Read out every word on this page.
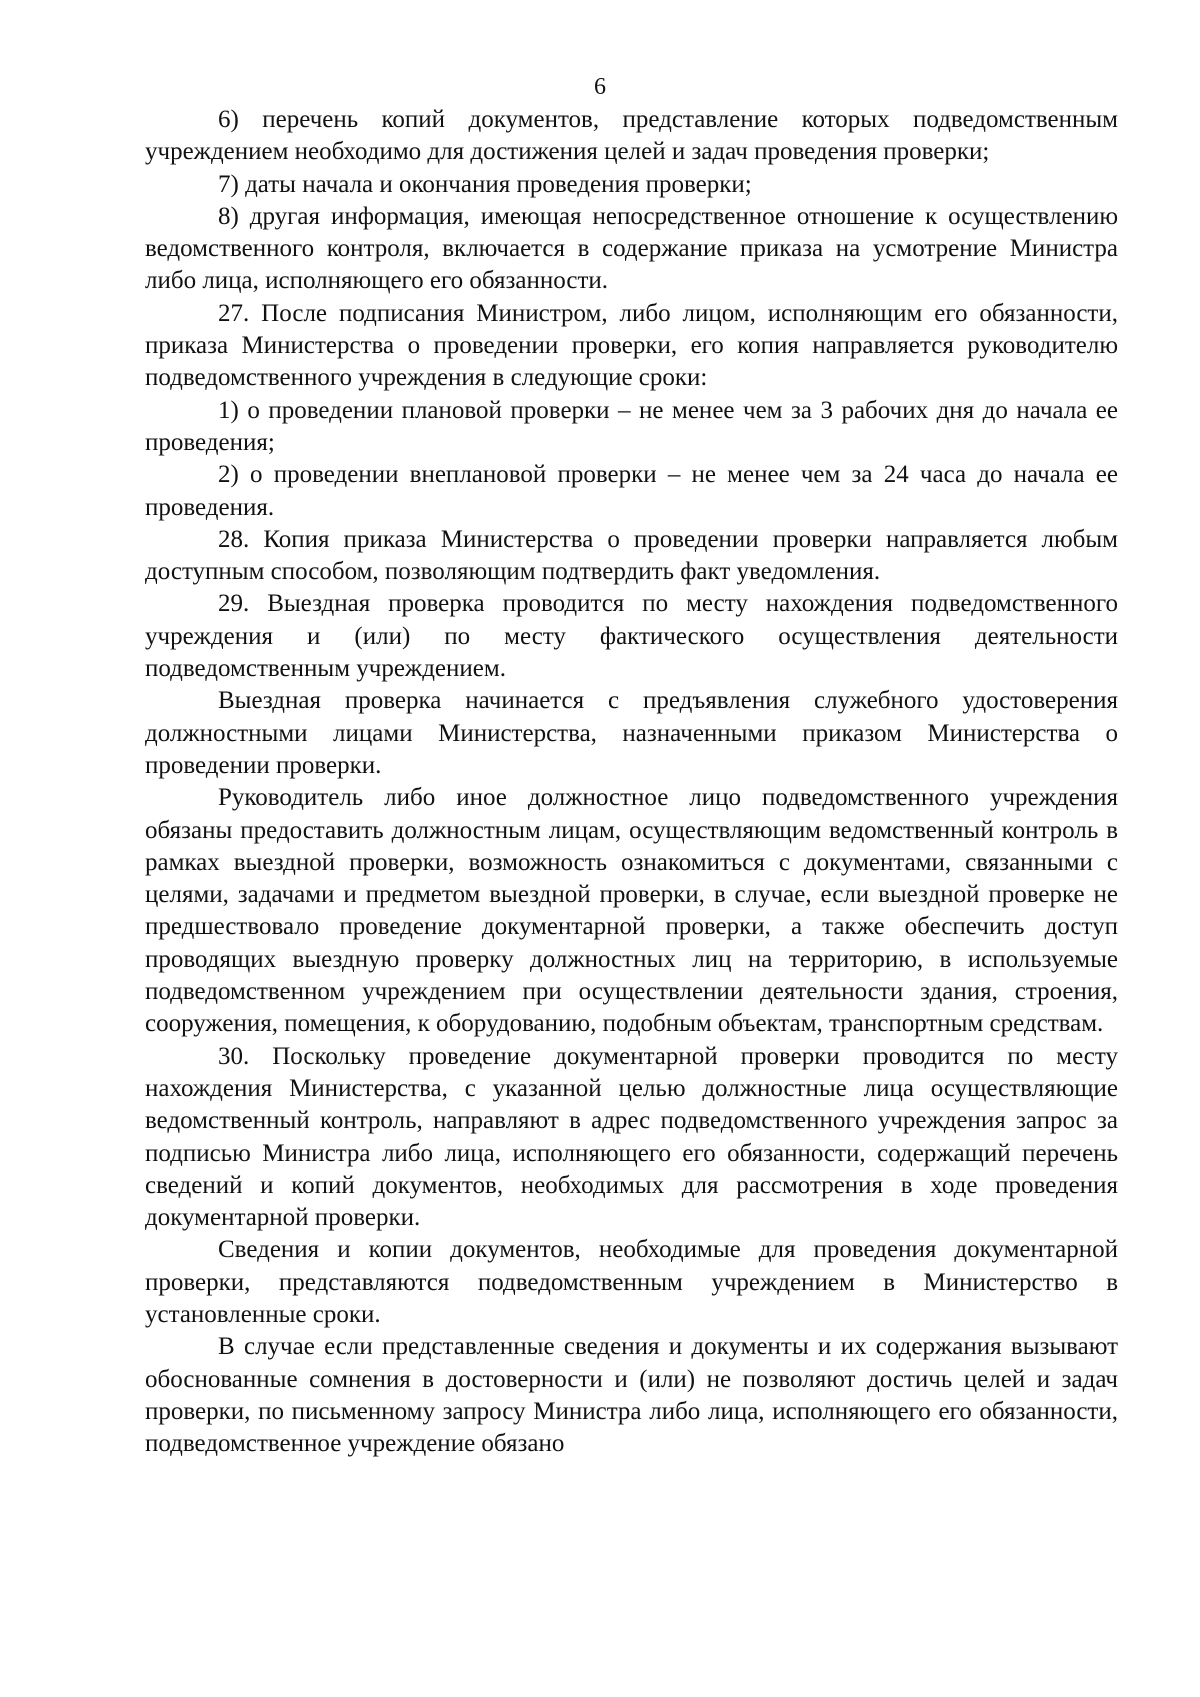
6

6) перечень копий документов, представление которых подведомственным учреждением необходимо для достижения целей и задач проведения проверки;

7) даты начала и окончания проведения проверки;

8) другая информация, имеющая непосредственное отношение к осуществлению ведомственного контроля, включается в содержание приказа на усмотрение Министра либо лица, исполняющего его обязанности.

27. После подписания Министром, либо лицом, исполняющим его обязанности, приказа Министерства о проведении проверки, его копия направляется руководителю подведомственного учреждения в следующие сроки:

1) о проведении плановой проверки – не менее чем за 3 рабочих дня до начала ее проведения;

2) о проведении внеплановой проверки – не менее чем за 24 часа до начала ее проведения.

28. Копия приказа Министерства о проведении проверки направляется любым доступным способом, позволяющим подтвердить факт уведомления.

29. Выездная проверка проводится по месту нахождения подведомственного учреждения и (или) по месту фактического осуществления деятельности подведомственным учреждением.

Выездная проверка начинается с предъявления служебного удостоверения должностными лицами Министерства, назначенными приказом Министерства о проведении проверки.

Руководитель либо иное должностное лицо подведомственного учреждения обязаны предоставить должностным лицам, осуществляющим ведомственный контроль в рамках выездной проверки, возможность ознакомиться с документами, связанными с целями, задачами и предметом выездной проверки, в случае, если выездной проверке не предшествовало проведение документарной проверки, а также обеспечить доступ проводящих выездную проверку должностных лиц на территорию, в используемые подведомственном учреждением при осуществлении деятельности здания, строения, сооружения, помещения, к оборудованию, подобным объектам, транспортным средствам.

30. Поскольку проведение документарной проверки проводится по месту нахождения Министерства, с указанной целью должностные лица осуществляющие ведомственный контроль, направляют в адрес подведомственного учреждения запрос за подписью Министра либо лица, исполняющего его обязанности, содержащий перечень сведений и копий документов, необходимых для рассмотрения в ходе проведения документарной проверки.

Сведения и копии документов, необходимые для проведения документарной проверки, представляются подведомственным учреждением в Министерство в установленные сроки.

В случае если представленные сведения и документы и их содержания вызывают обоснованные сомнения в достоверности и (или) не позволяют достичь целей и задач проверки, по письменному запросу Министра либо лица, исполняющего его обязанности, подведомственное учреждение обязано
